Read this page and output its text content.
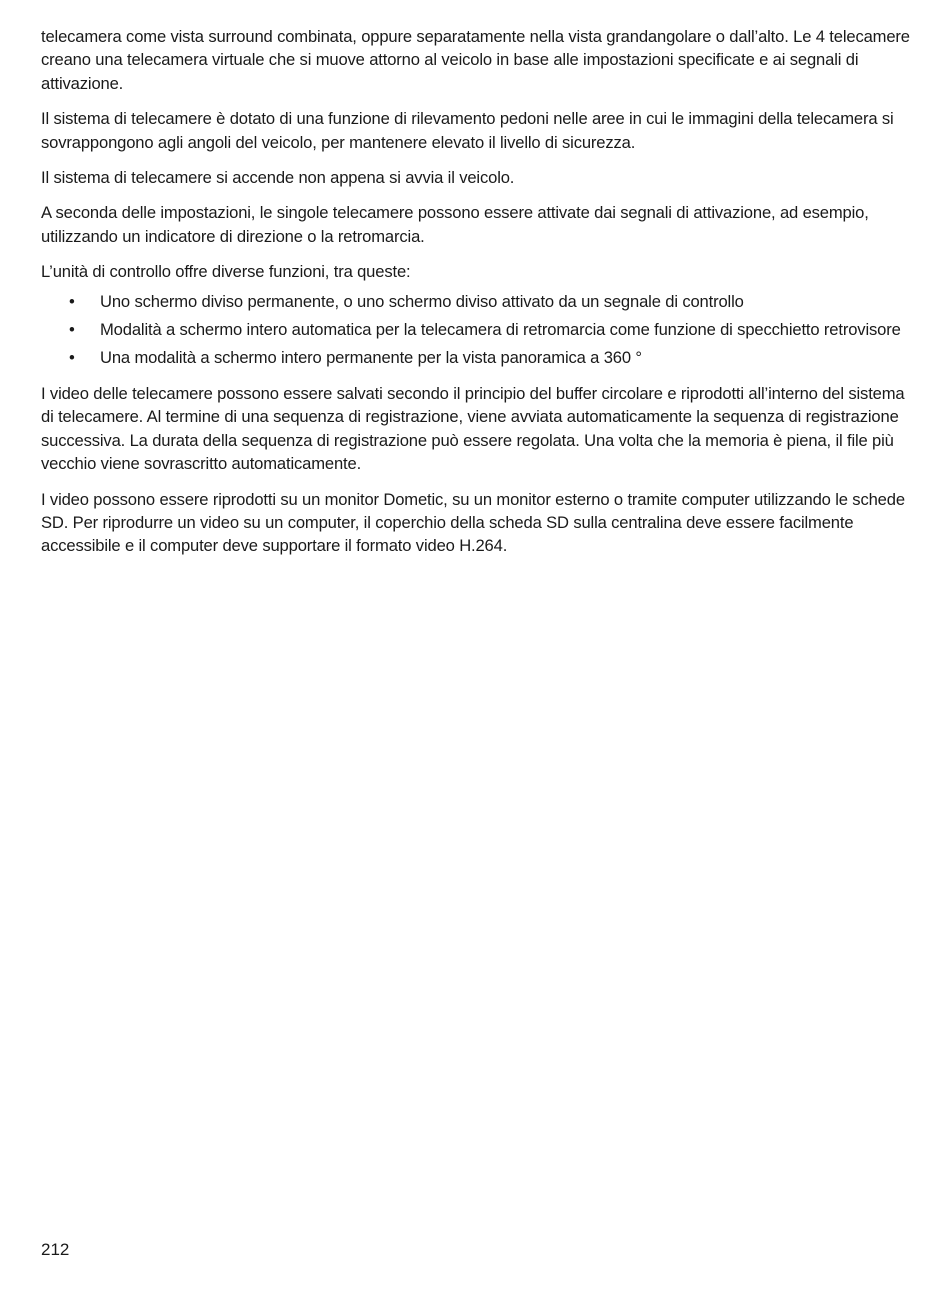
telecamera come vista surround combinata, oppure separatamente nella vista grandangolare o dall’alto. Le 4 telecamere creano una telecamera virtuale che si muove attorno al veicolo in base alle impostazioni specificate e ai segnali di attivazione.

Il sistema di telecamere è dotato di una funzione di rilevamento pedoni nelle aree in cui le immagini della telecamera si sovrappongono agli angoli del veicolo, per mantenere elevato il livello di sicurezza.

Il sistema di telecamere si accende non appena si avvia il veicolo.

A seconda delle impostazioni, le singole telecamere possono essere attivate dai segnali di attivazione, ad esempio, utilizzando un indicatore di direzione o la retromarcia.

L’unità di controllo offre diverse funzioni, tra queste:

• Uno schermo diviso permanente, o uno schermo diviso attivato da un segnale di controllo
• Modalità a schermo intero automatica per la telecamera di retromarcia come funzione di specchietto retrovisore
• Una modalità a schermo intero permanente per la vista panoramica a 360 °

I video delle telecamere possono essere salvati secondo il principio del buffer circolare e riprodotti all’interno del sistema di telecamere. Al termine di una sequenza di registrazione, viene avviata automaticamente la sequenza di registrazione successiva. La durata della sequenza di registrazione può essere regolata. Una volta che la memoria è piena, il file più vecchio viene sovrascritto automaticamente.

I video possono essere riprodotti su un monitor Dometic, su un monitor esterno o tramite computer utilizzando le schede SD. Per riprodurre un video su un computer, il coperchio della scheda SD sulla centralina deve essere facilmente accessibile e il computer deve supportare il formato video H.264.

212
